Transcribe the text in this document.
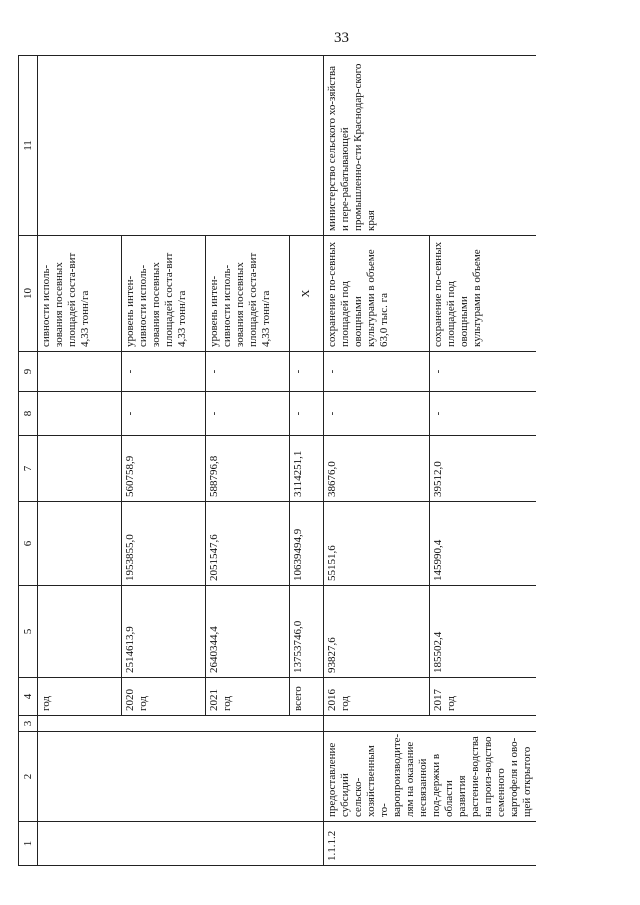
33
1	2	3	4	5	6	7	8	9	10	11
			год						сивности исполь-зования посевных площадей соста-вит 4,33 тонн/га	
			2020 год	2514613,9	1953855,0	560758,9	-	-	уровень интен-сивности исполь-зования посевных площадей соста-вит 4,33 тонн/га	
			2021 год	2640344,4	2051547,6	588796,8	-	-	уровень интен-сивности исполь-зования посевных площадей соста-вит 4,33 тонн/га	
			всего	13753746,0	10639494,9	3114251,1	-	-	Х	
1.1.1.2	предоставление субсидий сельско-хозяйственным то-варопроизводите-лям на оказание несвязанной под-держки в области развития растение-водства на произ-водство семенного картофеля и ово-щей открытого		2016 год	93827,6	55151,6	38676,0	-	-	сохранение по-севных площадей под овощными культурами в объеме 63,0 тыс. га	министерство сельского хо-зяйства и пере-рабатывающей промышленно-сти Краснодар-ского края
			2017 год	185502,4	145990,4	39512,0	-	-	сохранение по-севных площадей под овощными культурами в объеме	
